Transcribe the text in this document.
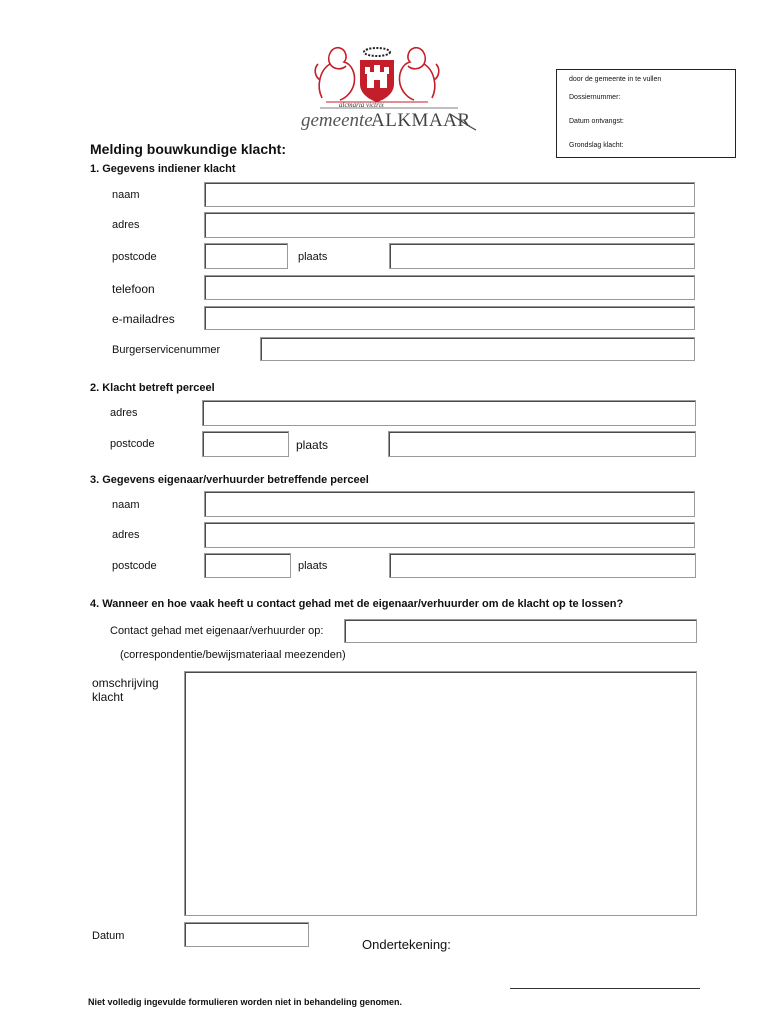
alcmaria victrix
gemeente
ALKMAAR
door de gemeente in te vullen
Dossiernummer:
Datum ontvangst:
Grondslag klacht:
Melding bouwkundige klacht:
1. Gegevens indiener klacht
naam
adres
postcode	plaats
telefoon
e-mailadres
Burgerservicenummer
2. Klacht betreft perceel
adres
postcode	plaats
3. Gegevens eigenaar/verhuurder betreffende perceel
naam
adres
postcode	plaats
4. Wanneer en hoe vaak heeft u contact gehad met de eigenaar/verhuurder om de klacht op te lossen?
Contact gehad met eigenaar/verhuurder op:
(correspondentie/bewijsmateriaal meezenden)
omschrijving
klacht
Datum
Ondertekening:
Niet volledig ingevulde formulieren worden niet in behandeling genomen.
